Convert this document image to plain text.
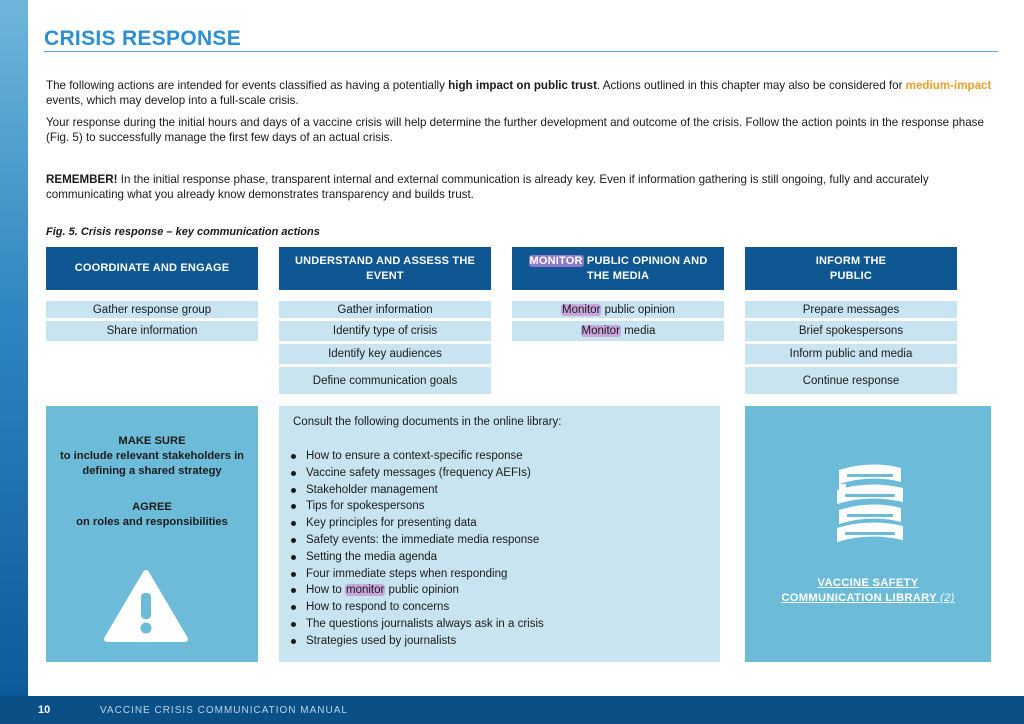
CRISIS RESPONSE

The following actions are intended for events classified as having a potentially high impact on public trust. Actions outlined in this chapter may also be considered for medium-impact events, which may develop into a full-scale crisis.

Your response during the initial hours and days of a vaccine crisis will help determine the further development and outcome of the crisis. Follow the action points in the response phase (Fig. 5) to successfully manage the first few days of an actual crisis.

REMEMBER! In the initial response phase, transparent internal and external communication is already key. Even if information gathering is still ongoing, fully and accurately communicating what you already know demonstrates transparency and builds trust.

Fig. 5. Crisis response – key communication actions
COORDINATE AND ENGAGE
UNDERSTAND AND ASSESS THE EVENT
MONITOR PUBLIC OPINION AND THE MEDIA
INFORM THE
PUBLIC
Gather response group
Share information
Gather information
Identify type of crisis
Identify key audiences
Define communication goals
Monitor public opinion
Monitor media
Prepare messages
Brief spokespersons
Inform public and media
Continue response
MAKE SURE
to include relevant stakeholders in
defining a shared strategy
AGREE
on roles and responsibilities
Consult the following documents in the online library:
How to ensure a context-specific response
Vaccine safety messages (frequency AEFIs)
Stakeholder management
Tips for spokespersons
Key principles for presenting data
Safety events: the immediate media response
Setting the media agenda
Four immediate steps when responding
How to monitor public opinion
How to respond to concerns
The questions journalists always ask in a crisis
Strategies used by journalists
VACCINE SAFETY
COMMUNICATION LIBRARY (2)
10	VACCINE CRISIS COMMUNICATION MANUAL
